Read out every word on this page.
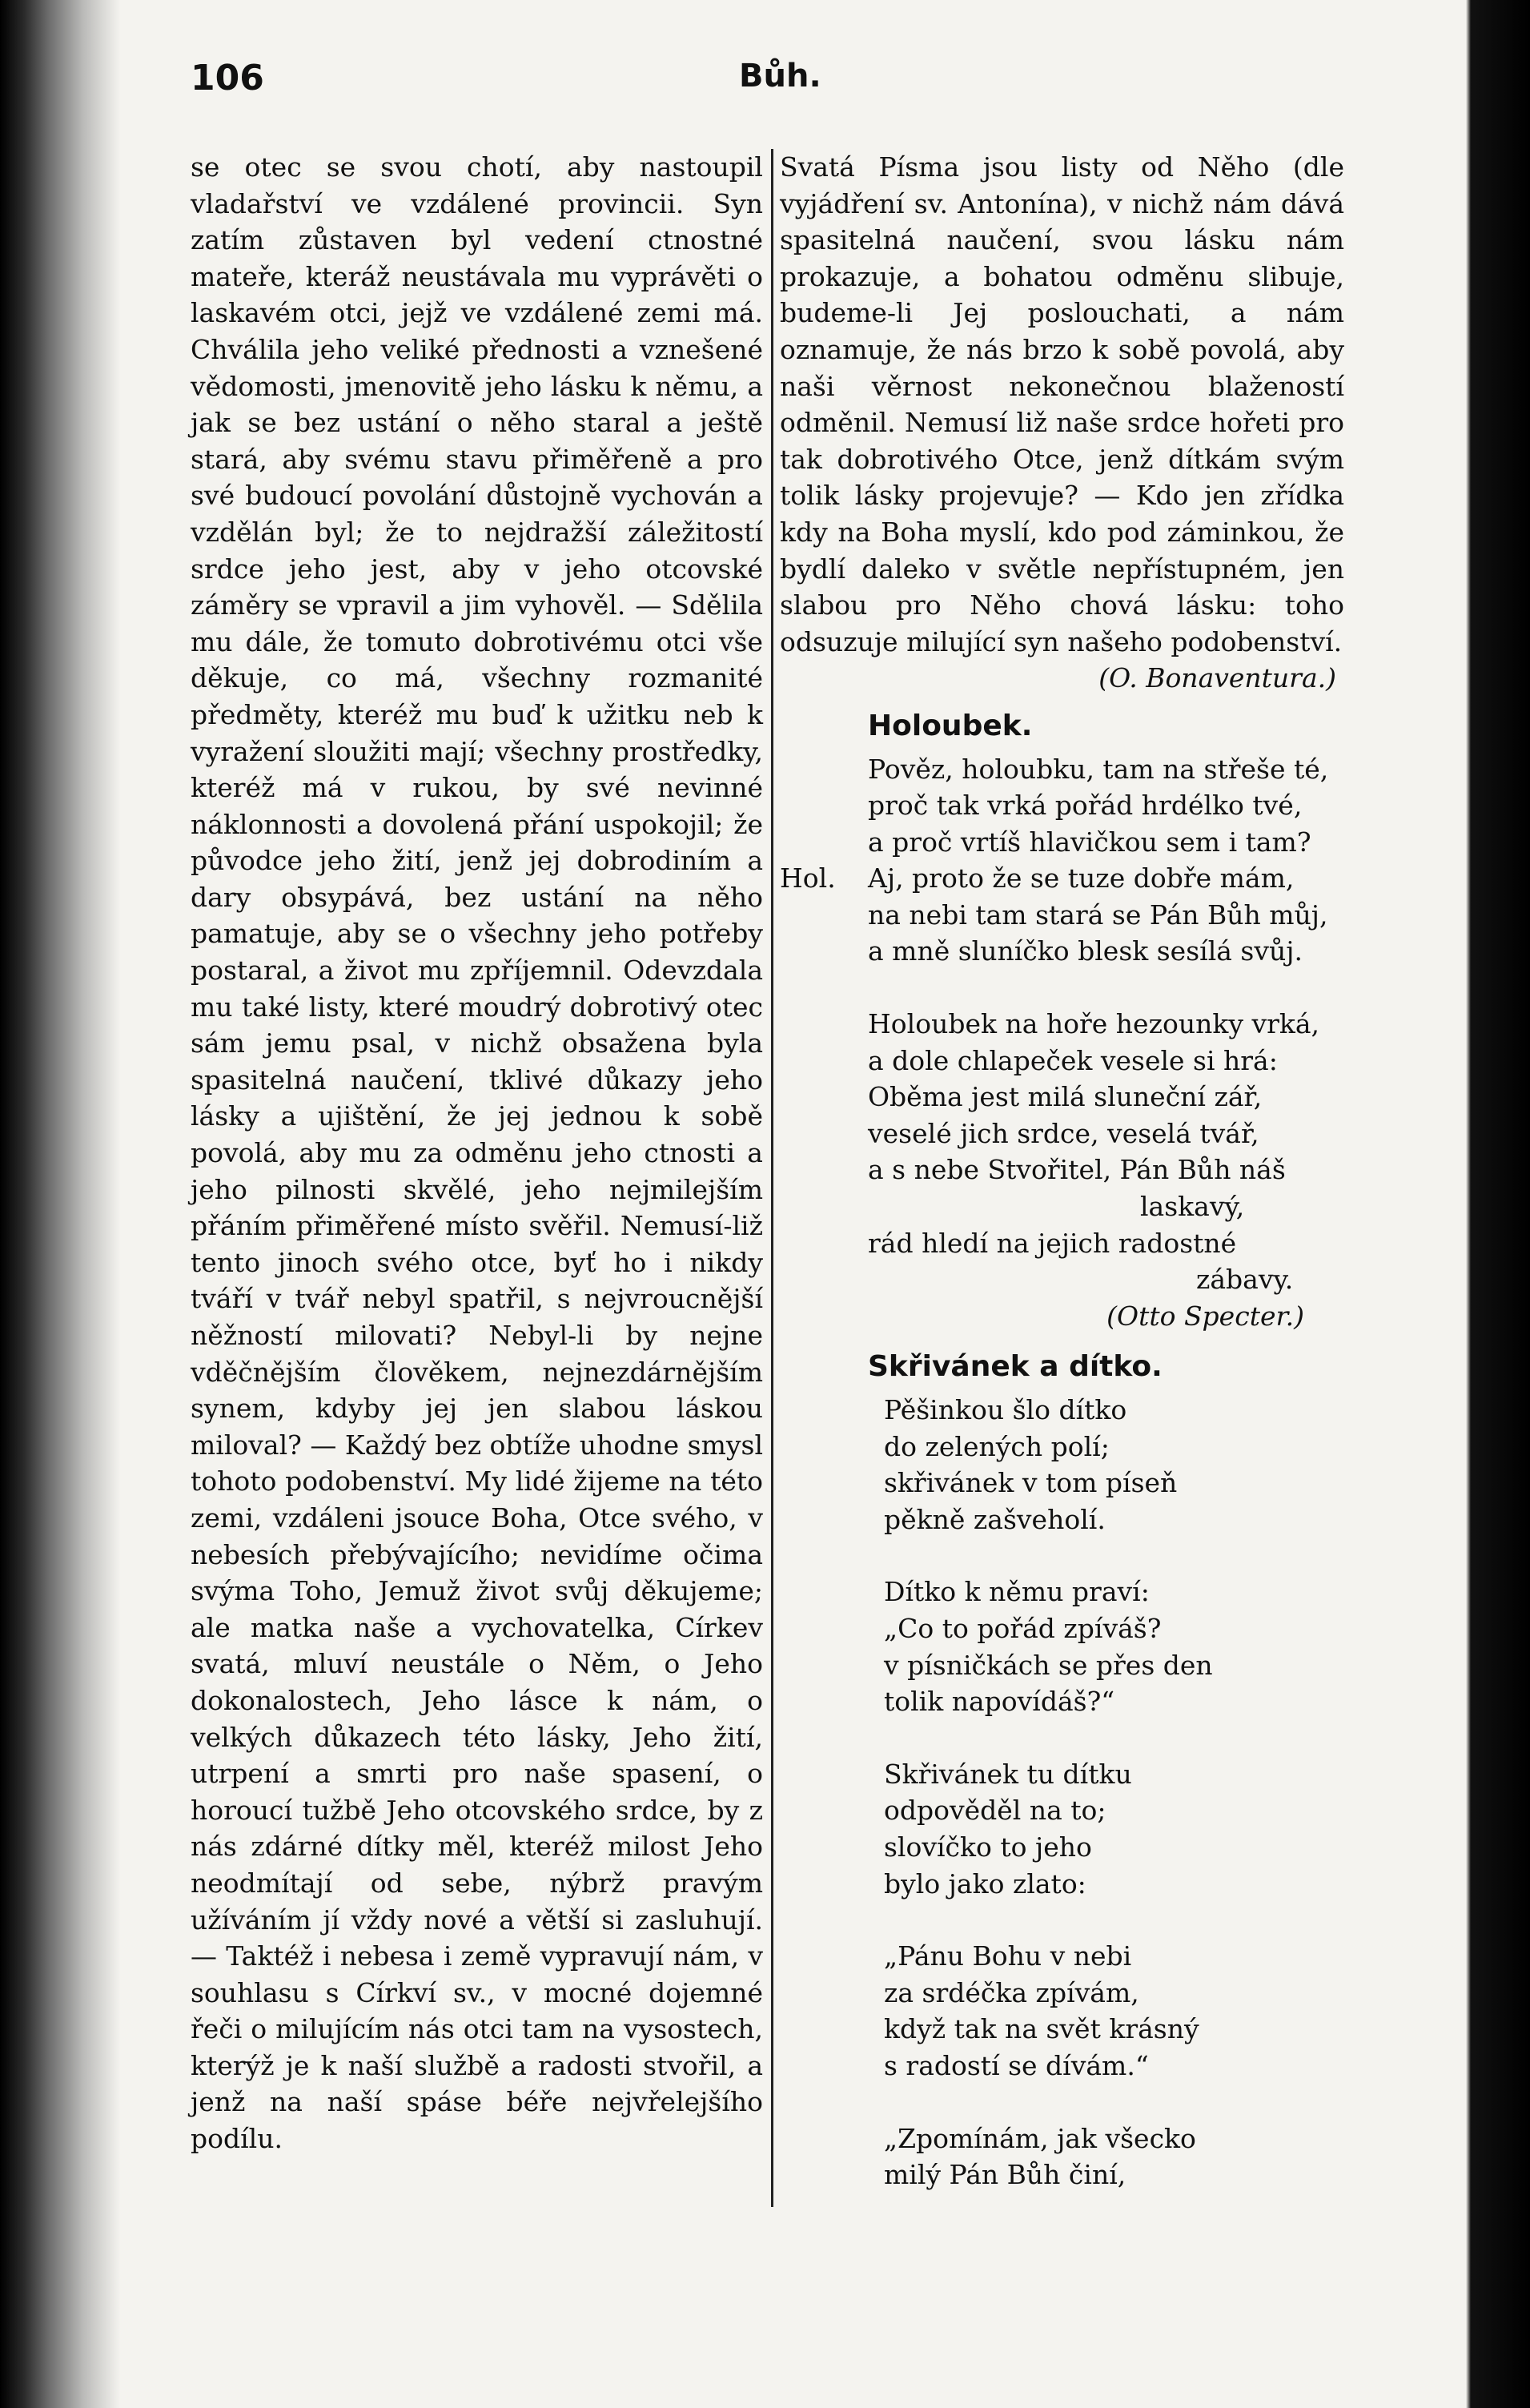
106	Bůh.
se otec se svou chotí, aby nastoupil vladařství ve vzdálené provincii. Syn zatím zůstaven byl vedení ctnostné mateře, kteráž neustávala mu vyprávěti o laskavém otci, jejž ve vzdálené zemi má. Chválila jeho veliké přednosti a vznešené vědomosti, jmenovitě jeho lásku k němu, a jak se bez ustání o něho staral a ještě stará, aby svému stavu přiměřeně a pro své budoucí povolání důstojně vychován a vzdělán byl; že to nejdražší záležitostí srdce jeho jest, aby v jeho otcovské záměry se vpravil a jim vyhověl. — Sdělila mu dále, že tomuto dobrotivému otci vše děkuje, co má, všechny rozmanité předměty, kteréž mu buď k užitku neb k vyražení sloužiti mají; všechny prostředky, kteréž má v rukou, by své nevinné náklonnosti a dovolená přání uspokojil; že původce jeho žití, jenž jej dobrodiním a dary obsypává, bez ustání na něho pamatuje, aby se o všechny jeho potřeby postaral, a život mu zpříjemnil. Odevzdala mu také listy, které moudrý dobrotivý otec sám jemu psal, v nichž obsažena byla spasitelná naučení, tklivé důkazy jeho lásky a ujištění, že jej jednou k sobě povolá, aby mu za odměnu jeho ctnosti a jeho pilnosti skvělé, jeho nejmilejším přáním přiměřené místo svěřil. Nemusí-liž tento jinoch svého otce, byť ho i nikdy tváří v tvář nebyl spatřil, s nejvroucnější něžností milovati? Nebyl-li by nejne vděčnějším člověkem, nejnezdárnějším synem, kdyby jej jen slabou láskou miloval? — Každý bez obtíže uhodne smysl tohoto podobenství. My lidé žijeme na této zemi, vzdáleni jsouce Boha, Otce svého, v nebesích přebývajícího; nevidíme očima svýma Toho, Jemuž život svůj děkujeme; ale matka naše a vychovatelka, Církev svatá, mluví neustále o Něm, o Jeho dokonalostech, Jeho lásce k nám, o velkých důkazech této lásky, Jeho žití, utrpení a smrti pro naše spasení, o horoucí tužbě Jeho otcovského srdce, by z nás zdárné dítky měl, kteréž milost Jeho neodmítají od sebe, nýbrž pravým užíváním jí vždy nové a větší si zasluhují. — Taktéž i nebesa i země vypravují nám, v souhlasu s Církví sv., v mocné dojemné řeči o milujícím nás otci tam na vysostech, kterýž je k naší službě a radosti stvořil, a jenž na naší spáse béře nejvřelejšího podílu.
Svatá Písma jsou listy od Něho (dle vyjádření sv. Antonína), v nichž nám dává spasitelná naučení, svou lásku nám prokazuje, a bohatou odměnu slibuje, budeme-li Jej poslouchati, a nám oznamuje, že nás brzo k sobě povolá, aby naši věrnost nekonečnou blažeností odměnil. Nemusí liž naše srdce hořeti pro tak dobrotivého Otce, jenž dítkám svým tolik lásky projevuje? — Kdo jen zřídka kdy na Boha myslí, kdo pod záminkou, že bydlí daleko v světle nepřístupném, jen slabou pro Něho chová lásku: toho odsuzuje milující syn našeho podobenství.
(O. Bonaventura.)
Holoubek.
Pověz, holoubku, tam na střeše té,
proč tak vrká pořád hrdélko tvé,
a proč vrtíš hlavičkou sem i tam?
Hol.	Aj, proto že se tuze dobře mám,
na nebi tam stará se Pán Bůh můj,
a mně sluníčko blesk sesílá svůj.
Holoubek na hoře hezounky vrká,
a dole chlapeček vesele si hrá:
Oběma jest milá sluneční zář,
veselé jich srdce, veselá tvář,
a s nebe Stvořitel, Pán Bůh náš
laskavý,
rád hledí na jejich radostné
zábavy.
(Otto Specter.)
Skřivánek a dítko.
Pěšinkou šlo dítko
do zelených polí;
skřivánek v tom píseň
pěkně zašveholí.
Dítko k němu praví:
„Co to pořád zpíváš?
v písničkách se přes den
tolik napovídáš?“
Skřivánek tu dítku
odpověděl na to;
slovíčko to jeho
bylo jako zlato:
„Pánu Bohu v nebi
za srdéčka zpívám,
když tak na svět krásný
s radostí se dívám.“
„Zpomínám, jak všecko
milý Pán Bůh činí,
